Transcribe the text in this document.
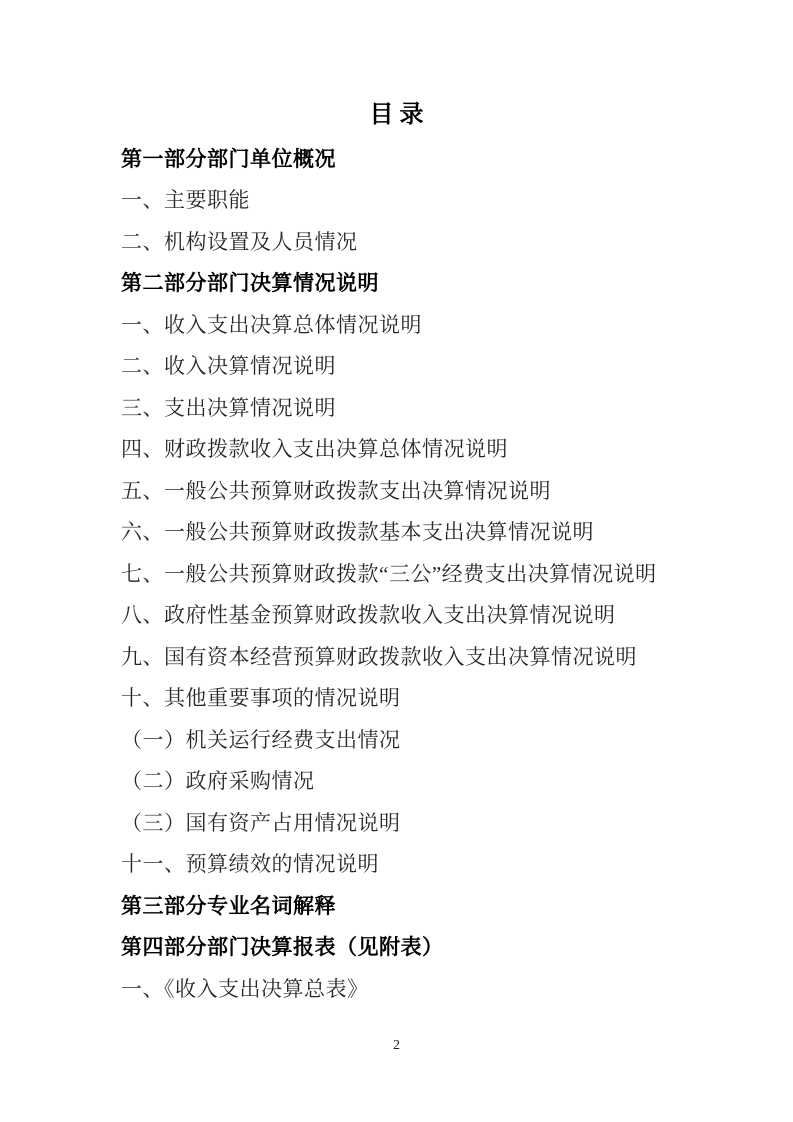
目录
第一部分部门单位概况
一、主要职能
二、机构设置及人员情况
第二部分部门决算情况说明
一、收入支出决算总体情况说明
二、收入决算情况说明
三、支出决算情况说明
四、财政拨款收入支出决算总体情况说明
五、一般公共预算财政拨款支出决算情况说明
六、一般公共预算财政拨款基本支出决算情况说明
七、一般公共预算财政拨款“三公”经费支出决算情况说明
八、政府性基金预算财政拨款收入支出决算情况说明
九、国有资本经营预算财政拨款收入支出决算情况说明
十、其他重要事项的情况说明
（一）机关运行经费支出情况
（二）政府采购情况
（三）国有资产占用情况说明
十一、预算绩效的情况说明
第三部分专业名词解释
第四部分部门决算报表（见附表）
一、《收入支出决算总表》
2
